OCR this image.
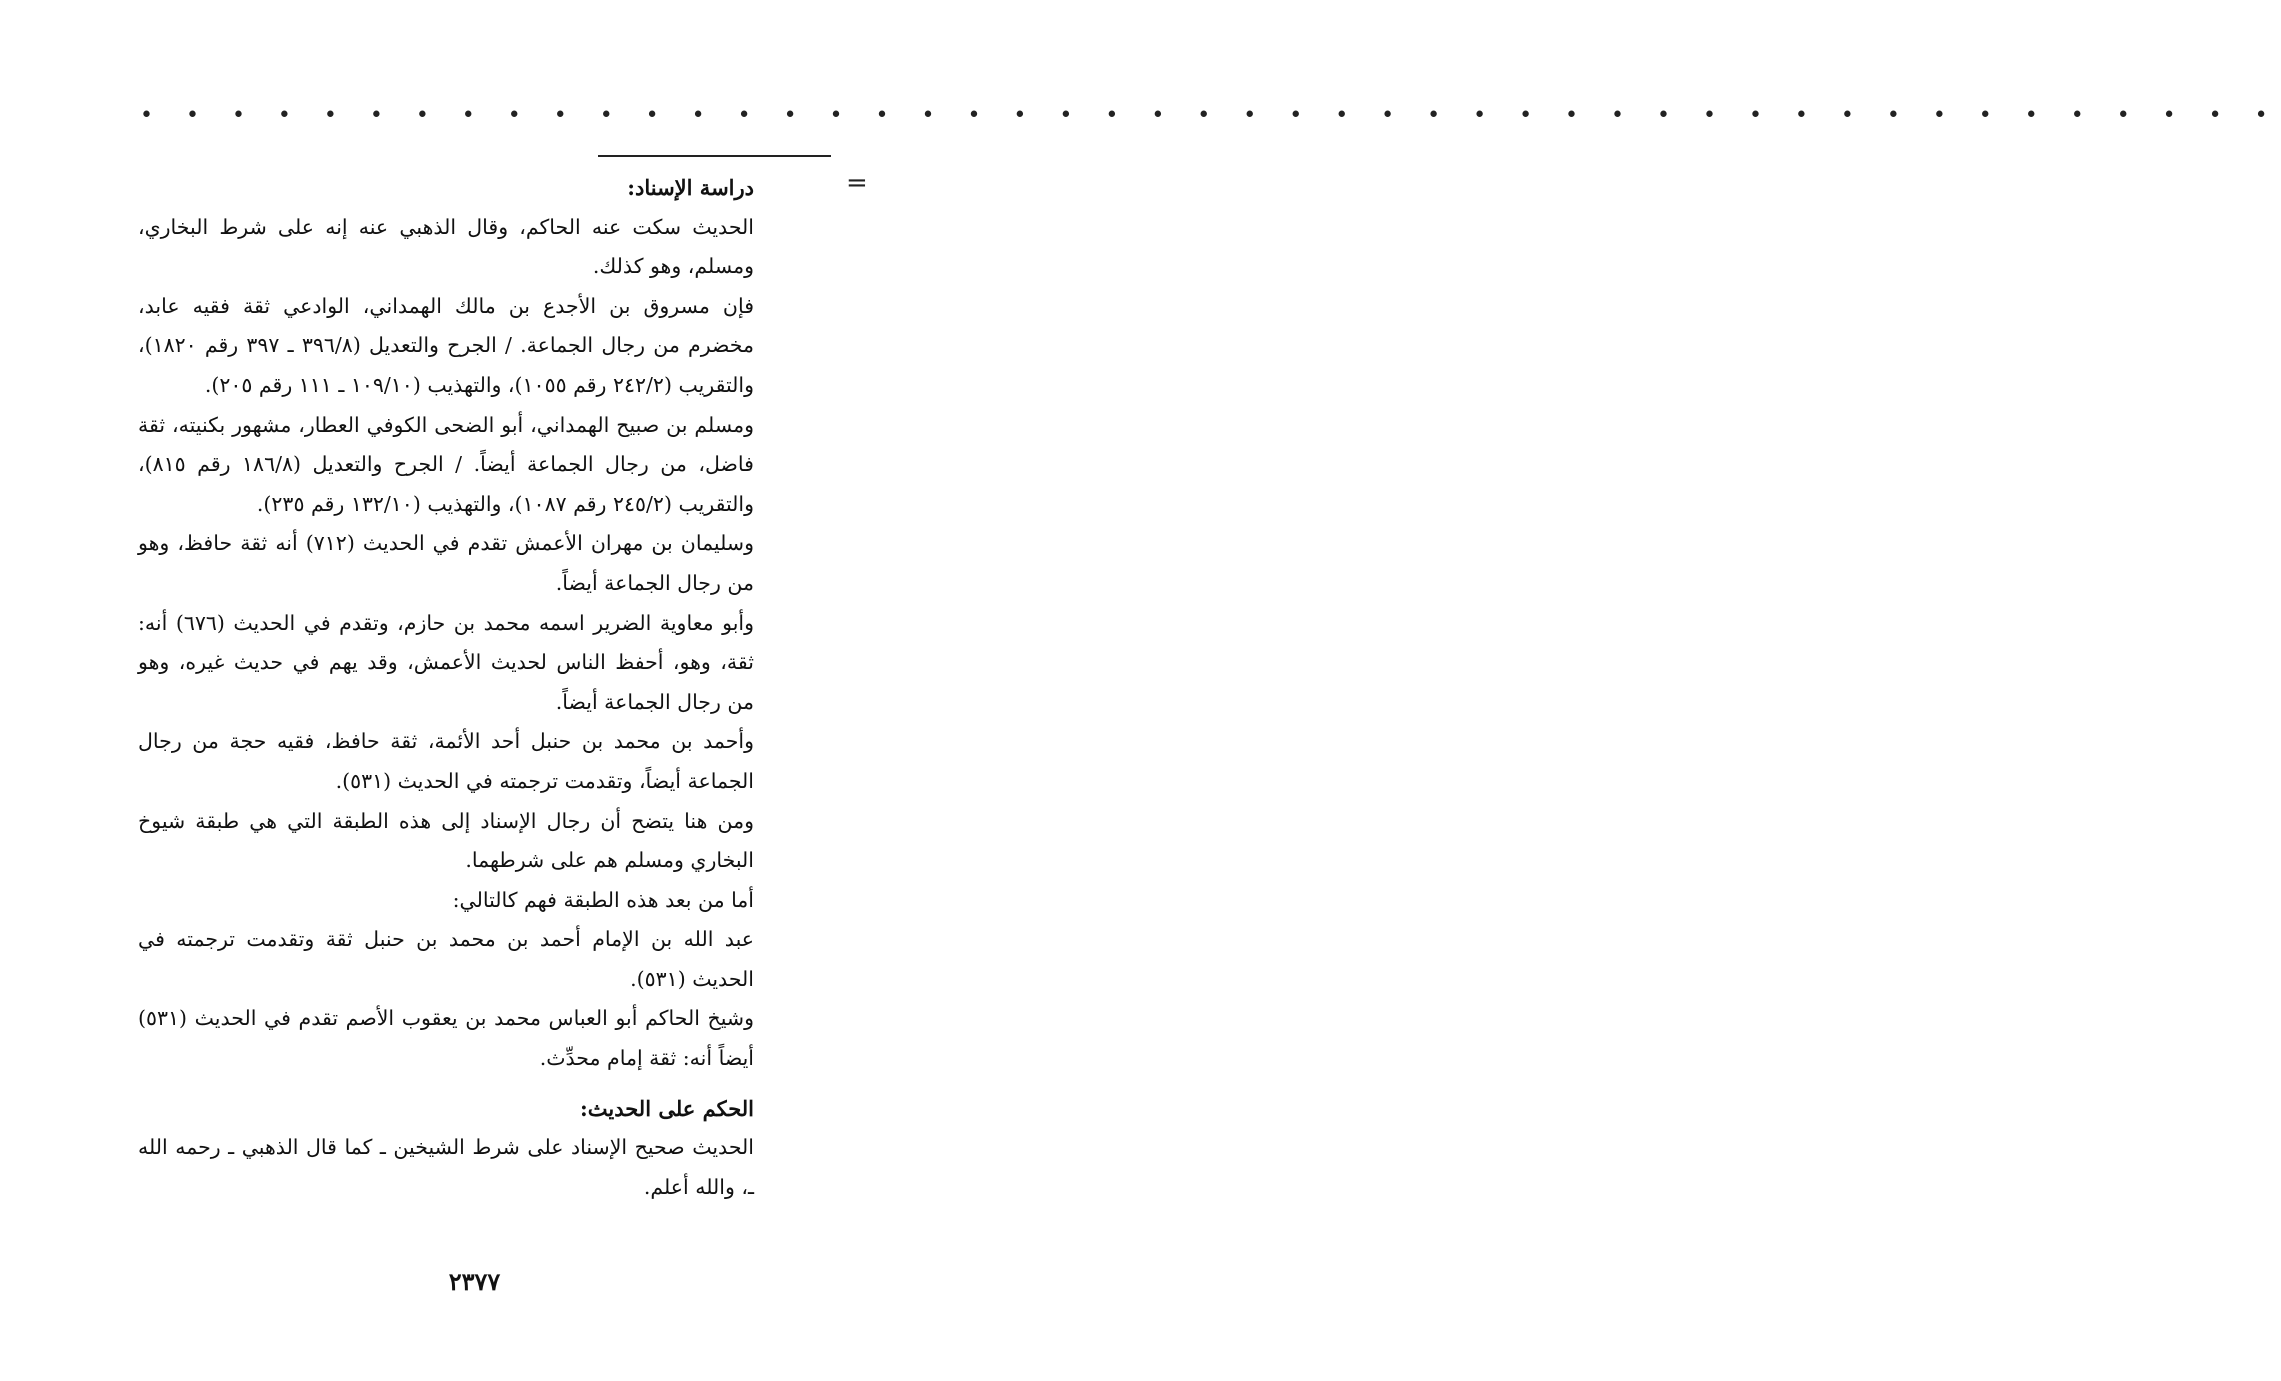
• • • • • • • • • • • • • • • • • • • • • • • • • • • • • • • • • • • • • • • • • • • • • • •
=

دراسة الإسناد:

الحديث سكت عنه الحاكم، وقال الذهبي عنه إنه على شرط البخاري، ومسلم، وهو كذلك.

فإن مسروق بن الأجدع بن مالك الهمداني، الوادعي ثقة فقيه عابد، مخضرم من رجال الجماعة. / الجرح والتعديل (٣٩٦/٨ ـ ٣٩٧ رقم ١٨٢٠)، والتقريب (٢٤٢/٢ رقم ١٠٥٥)، والتهذيب (١٠٩/١٠ ـ ١١١ رقم ٢٠٥).

ومسلم بن صبيح الهمداني، أبو الضحى الكوفي العطار، مشهور بكنيته، ثقة فاضل، من رجال الجماعة أيضاً. / الجرح والتعديل (١٨٦/٨ رقم ٨١٥)، والتقريب (٢٤٥/٢ رقم ١٠٨٧)، والتهذيب (١٣٢/١٠ رقم ٢٣٥).

وسليمان بن مهران الأعمش تقدم في الحديث (٧١٢) أنه ثقة حافظ، وهو من رجال الجماعة أيضاً.

وأبو معاوية الضرير اسمه محمد بن حازم، وتقدم في الحديث (٦٧٦) أنه: ثقة، وهو، أحفظ الناس لحديث الأعمش، وقد يهم في حديث غيره، وهو من رجال الجماعة أيضاً.

وأحمد بن محمد بن حنبل أحد الأئمة، ثقة حافظ، فقيه حجة من رجال الجماعة أيضاً، وتقدمت ترجمته في الحديث (٥٣١).

ومن هنا يتضح أن رجال الإسناد إلى هذه الطبقة التي هي طبقة شيوخ البخاري ومسلم هم على شرطهما.

أما من بعد هذه الطبقة فهم كالتالي:

عبد الله بن الإمام أحمد بن محمد بن حنبل ثقة وتقدمت ترجمته في الحديث (٥٣١).

وشيخ الحاكم أبو العباس محمد بن يعقوب الأصم تقدم في الحديث (٥٣١) أيضاً أنه: ثقة إمام محدِّث.

الحكم على الحديث:

الحديث صحيح الإسناد على شرط الشيخين ـ كما قال الذهبي ـ رحمه الله ـ، والله أعلم.

٢٣٧٧
